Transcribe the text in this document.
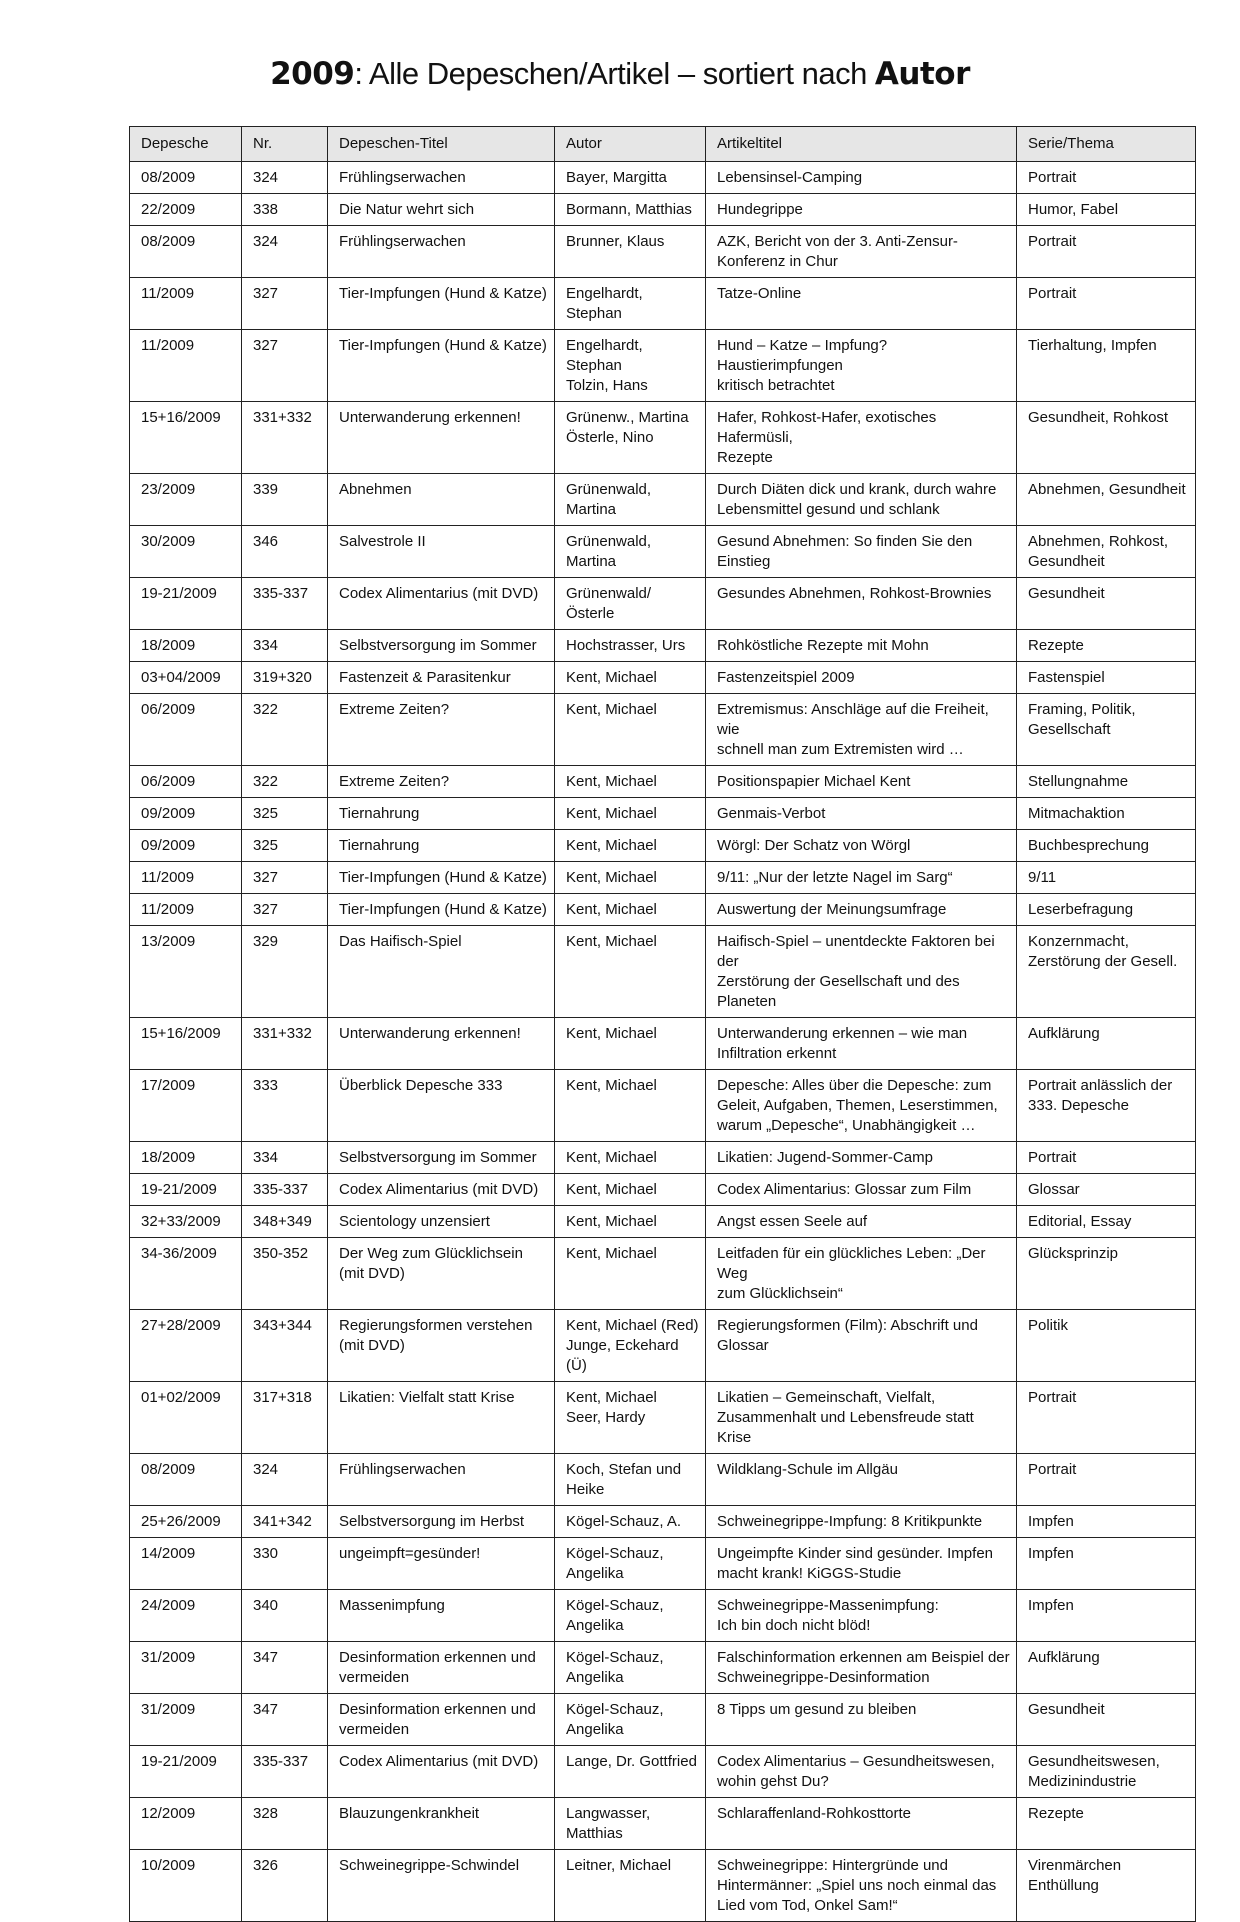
2009: Alle Depeschen/Artikel – sortiert nach Autor
Depesche	Nr.	Depeschen-Titel	Autor	Artikeltitel	Serie/Thema
08/2009	324	Frühlingserwachen	Bayer, Margitta	Lebensinsel-Camping	Portrait
22/2009	338	Die Natur wehrt sich	Bormann, Matthias	Hundegrippe	Humor, Fabel
08/2009	324	Frühlingserwachen	Brunner, Klaus	AZK, Bericht von der 3. Anti-Zensur-
Konferenz in Chur	Portrait
11/2009	327	Tier-Impfungen (Hund & Katze)	Engelhardt, Stephan	Tatze-Online	Portrait
11/2009	327	Tier-Impfungen (Hund & Katze)	Engelhardt, Stephan
Tolzin, Hans	Hund – Katze – Impfung? Haustierimpfungen
kritisch betrachtet	Tierhaltung, Impfen
15+16/2009	331+332	Unterwanderung erkennen!	Grünenw., Martina
Österle, Nino	Hafer, Rohkost-Hafer, exotisches Hafermüsli,
Rezepte	Gesundheit, Rohkost
23/2009	339	Abnehmen	Grünenwald,
Martina	Durch Diäten dick und krank, durch wahre
Lebensmittel gesund und schlank	Abnehmen, Gesundheit
30/2009	346	Salvestrole II	Grünenwald,
Martina	Gesund Abnehmen: So finden Sie den
Einstieg	Abnehmen, Rohkost,
Gesundheit
19-21/2009	335-337	Codex Alimentarius (mit DVD)	Grünenwald/Österle	Gesundes Abnehmen, Rohkost-Brownies	Gesundheit
18/2009	334	Selbstversorgung im Sommer	Hochstrasser, Urs	Rohköstliche Rezepte mit Mohn	Rezepte
03+04/2009	319+320	Fastenzeit & Parasitenkur	Kent, Michael	Fastenzeitspiel 2009	Fastenspiel
06/2009	322	Extreme Zeiten?	Kent, Michael	Extremismus: Anschläge auf die Freiheit, wie
schnell man zum Extremisten wird …	Framing, Politik,
Gesellschaft
06/2009	322	Extreme Zeiten?	Kent, Michael	Positionspapier Michael Kent	Stellungnahme
09/2009	325	Tiernahrung	Kent, Michael	Genmais-Verbot	Mitmachaktion
09/2009	325	Tiernahrung	Kent, Michael	Wörgl: Der Schatz von Wörgl	Buchbesprechung
11/2009	327	Tier-Impfungen (Hund & Katze)	Kent, Michael	9/11: „Nur der letzte Nagel im Sarg“	9/11
11/2009	327	Tier-Impfungen (Hund & Katze)	Kent, Michael	Auswertung der Meinungsumfrage	Leserbefragung
13/2009	329	Das Haifisch-Spiel	Kent, Michael	Haifisch-Spiel – unentdeckte Faktoren bei der
Zerstörung der Gesellschaft und des Planeten	Konzernmacht,
Zerstörung der Gesell.
15+16/2009	331+332	Unterwanderung erkennen!	Kent, Michael	Unterwanderung erkennen – wie man
Infiltration erkennt	Aufklärung
17/2009	333	Überblick Depesche 333	Kent, Michael	Depesche: Alles über die Depesche: zum
Geleit, Aufgaben, Themen, Leserstimmen,
warum „Depesche“, Unabhängigkeit …	Portrait anlässlich der
333. Depesche
18/2009	334	Selbstversorgung im Sommer	Kent, Michael	Likatien: Jugend-Sommer-Camp	Portrait
19-21/2009	335-337	Codex Alimentarius (mit DVD)	Kent, Michael	Codex Alimentarius: Glossar zum Film	Glossar
32+33/2009	348+349	Scientology unzensiert	Kent, Michael	Angst essen Seele auf	Editorial, Essay
34-36/2009	350-352	Der Weg zum Glücklichsein
(mit DVD)	Kent, Michael	Leitfaden für ein glückliches Leben: „Der Weg
zum Glücklichsein“	Glücksprinzip
27+28/2009	343+344	Regierungsformen verstehen
(mit DVD)	Kent, Michael (Red)
Junge, Eckehard (Ü)	Regierungsformen (Film): Abschrift und
Glossar	Politik
01+02/2009	317+318	Likatien: Vielfalt statt Krise	Kent, Michael
Seer, Hardy	Likatien – Gemeinschaft, Vielfalt,
Zusammenhalt und Lebensfreude statt Krise	Portrait
08/2009	324	Frühlingserwachen	Koch, Stefan und
Heike	Wildklang-Schule im Allgäu	Portrait
25+26/2009	341+342	Selbstversorgung im Herbst	Kögel-Schauz, A.	Schweinegrippe-Impfung: 8 Kritikpunkte	Impfen
14/2009	330	ungeimpft=gesünder!	Kögel-Schauz,
Angelika	Ungeimpfte Kinder sind gesünder. Impfen
macht krank! KiGGS-Studie	Impfen
24/2009	340	Massenimpfung	Kögel-Schauz,
Angelika	Schweinegrippe-Massenimpfung:
Ich bin doch nicht blöd!	Impfen
31/2009	347	Desinformation erkennen und
vermeiden	Kögel-Schauz,
Angelika	Falschinformation erkennen am Beispiel der
Schweinegrippe-Desinformation	Aufklärung
31/2009	347	Desinformation erkennen und
vermeiden	Kögel-Schauz,
Angelika	8 Tipps um gesund zu bleiben	Gesundheit
19-21/2009	335-337	Codex Alimentarius (mit DVD)	Lange, Dr. Gottfried	Codex Alimentarius – Gesundheitswesen,
wohin gehst Du?	Gesundheitswesen,
Medizinindustrie
12/2009	328	Blauzungenkrankheit	Langwasser,
Matthias	Schlaraffenland-Rohkosttorte	Rezepte
10/2009	326	Schweinegrippe-Schwindel	Leitner, Michael	Schweinegrippe: Hintergründe und
Hintermänner: „Spiel uns noch einmal das
Lied vom Tod, Onkel Sam!“	Virenmärchen
Enthüllung
